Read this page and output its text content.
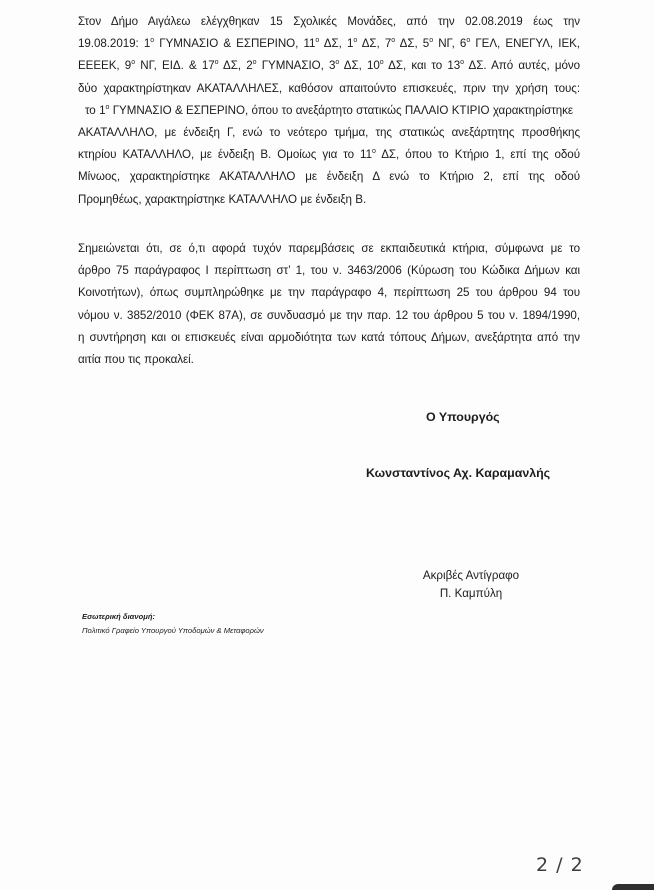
Στον Δήμο Αιγάλεω ελέγχθηκαν 15 Σχολικές Μονάδες, από την 02.08.2019 έως την
19.08.2019: $1^o$ ΓΥΜΝΑΣΙΟ & ΕΣΠΕΡΙΝΟ, $11^o$ ΔΣ, $1^o$ ΔΣ, $7^o$ ΔΣ, $5^o$ ΝΓ, $6^o$ ΓΕΛ, ΕΝΕΓΥΛ, ΙΕΚ,
ΕΕΕΕΚ, $9^o$ ΝΓ, ΕΙΔ. & $17^o$ ΔΣ, $2^o$ ΓΥΜΝΑΣΙΟ, $3^o$ ΔΣ, $10^o$ ΔΣ, και το $13^o$ ΔΣ. Από αυτές, μόνο
δύο χαρακτηρίστηκαν ΑΚΑΤΑΛΛΗΛΕΣ, καθόσον απαιτούντο επισκευές, πριν την χρήση τους:
το $1^o$ ΓΥΜΝΑΣΙΟ & ΕΣΠΕΡΙΝΟ, όπου το ανεξάρτητο στατικώς ΠΑΛΑΙΟ ΚΤΙΡΙΟ χαρακτηρίστηκε
ΑΚΑΤΑΛΛΗΛΟ, με ένδειξη Γ, ενώ το νεότερο τμήμα, της στατικώς ανεξάρτητης προσθήκης
κτηρίου ΚΑΤΑΛΛΗΛΟ, με ένδειξη Β. Ομοίως για το $11^o$ ΔΣ, όπου το Κτήριο 1, επί της οδού
Μίνωος, χαρακτηρίστηκε ΑΚΑΤΑΛΛΗΛΟ με ένδειξη Δ ενώ το Κτήριο 2, επί της οδού
Προμηθέως, χαρακτηρίστηκε ΚΑΤΑΛΛΗΛΟ με ένδειξη Β.
Σημειώνεται ότι, σε ό,τι αφορά τυχόν παρεμβάσεις σε εκπαιδευτικά κτήρια, σύμφωνα με το
άρθρο 75 παράγραφος Ι περίπτωση στ’ 1, του ν. 3463/2006 (Κύρωση του Κώδικα Δήμων και
Κοινοτήτων), όπως συμπληρώθηκε με την παράγραφο 4, περίπτωση 25 του άρθρου 94 του
νόμου ν. 3852/2010 (ΦΕΚ 87Α), σε συνδυασμό με την παρ. 12 του άρθρου 5 του ν. 1894/1990,
η συντήρηση και οι επισκευές είναι αρμοδιότητα των κατά τόπους Δήμων, ανεξάρτητα από την
αιτία που τις προκαλεί.
Ο Υπουργός
Κωνσταντίνος Αχ. Καραμανλής
Ακριβές Αντίγραφο
Π. Καμπύλη
Εσωτερική διανομή:
Πολιτικό Γραφείο Υπουργού Υποδομών & Μεταφορών
2 / 2
